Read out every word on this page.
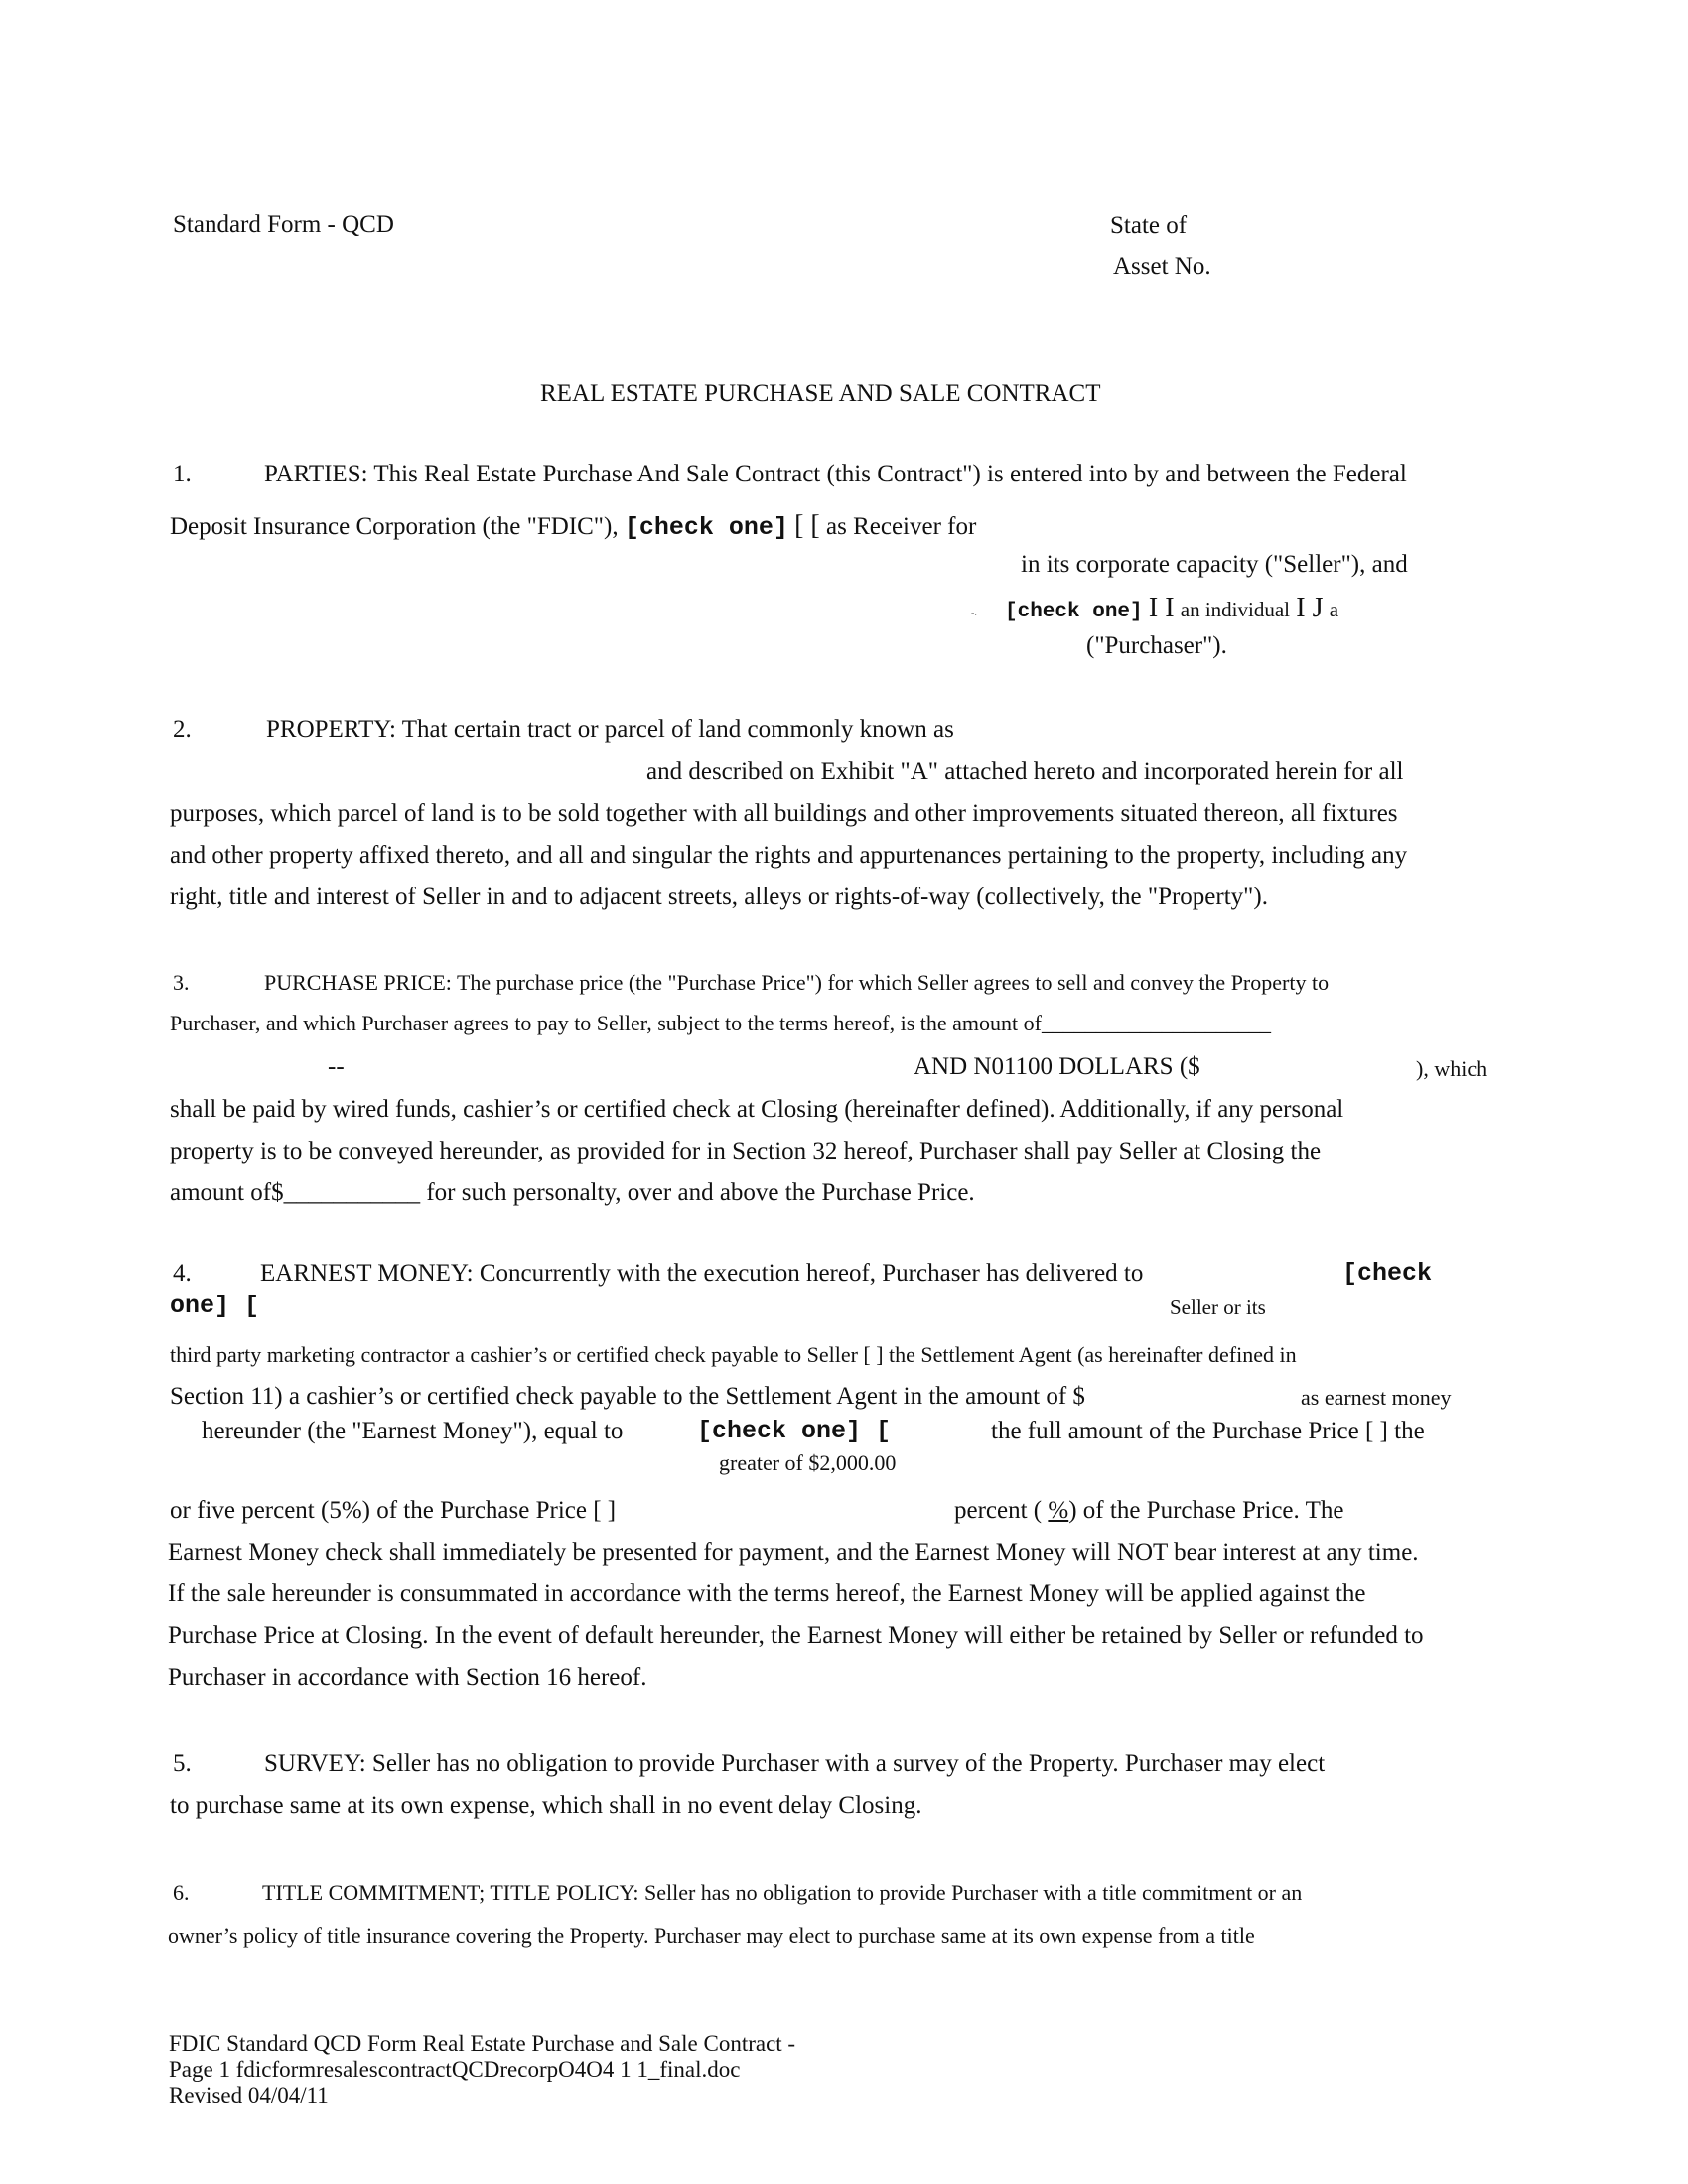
Standard Form - QCD	State of
Asset No.
REAL ESTATE PURCHASE AND SALE CONTRACT
1.	PARTIES: This Real Estate Purchase And Sale Contract (this Contract") is entered into by and between the Federal
Deposit Insurance Corporation (the "FDIC"), [check one] [ [ as Receiver for
in its corporate capacity ("Seller"), and
-. [check one] I I an individual I J a
("Purchaser").
2.	PROPERTY: That certain tract or parcel of land commonly known as
and described on Exhibit "A" attached hereto and incorporated herein for all
purposes, which parcel of land is to be sold together with all buildings and other improvements situated thereon, all fixtures
and other property affixed thereto, and all and singular the rights and appurtenances pertaining to the property, including any
right, title and interest of Seller in and to adjacent streets, alleys or rights-of-way (collectively, the "Property").
3.	PURCHASE PRICE: The purchase price (the "Purchase Price") for which Seller agrees to sell and convey the Property to
Purchaser, and which Purchaser agrees to pay to Seller, subject to the terms hereof, is the amount of_____________________
--	AND N01100 DOLLARS ($	), which
shall be paid by wired funds, cashier’s or certified check at Closing (hereinafter defined). Additionally, if any personal
property is to be conveyed hereunder, as provided for in Section 32 hereof, Purchaser shall pay Seller at Closing the
amount of$___________ for such personalty, over and above the Purchase Price.
4.	EARNEST MONEY: Concurrently with the execution hereof, Purchaser has delivered to	[check
one] [	Seller or its
third party marketing contractor a cashier’s or certified check payable to Seller [ ] the Settlement Agent (as hereinafter defined in
Section 11) a cashier’s or certified check payable to the Settlement Agent in the amount of $	as earnest money
hereunder (the "Earnest Money"), equal to	[check one] [	the full amount of the Purchase Price [ ] the
greater of $2,000.00
or five percent (5%) of the Purchase Price [ ]	percent ( %) of the Purchase Price. The
Earnest Money check shall immediately be presented for payment, and the Earnest Money will NOT bear interest at any time.
If the sale hereunder is consummated in accordance with the terms hereof, the Earnest Money will be applied against the
Purchase Price at Closing. In the event of default hereunder, the Earnest Money will either be retained by Seller or refunded to
Purchaser in accordance with Section 16 hereof.
5.	SURVEY: Seller has no obligation to provide Purchaser with a survey of the Property. Purchaser may elect
to purchase same at its own expense, which shall in no event delay Closing.
6.	TITLE COMMITMENT; TITLE POLICY: Seller has no obligation to provide Purchaser with a title commitment or an
owner’s policy of title insurance covering the Property. Purchaser may elect to purchase same at its own expense from a title
FDIC Standard QCD Form Real Estate Purchase and Sale Contract -
Page 1 fdicformresalescontractQCDrecorpO4O4 1 1_final.doc
Revised 04/04/11
